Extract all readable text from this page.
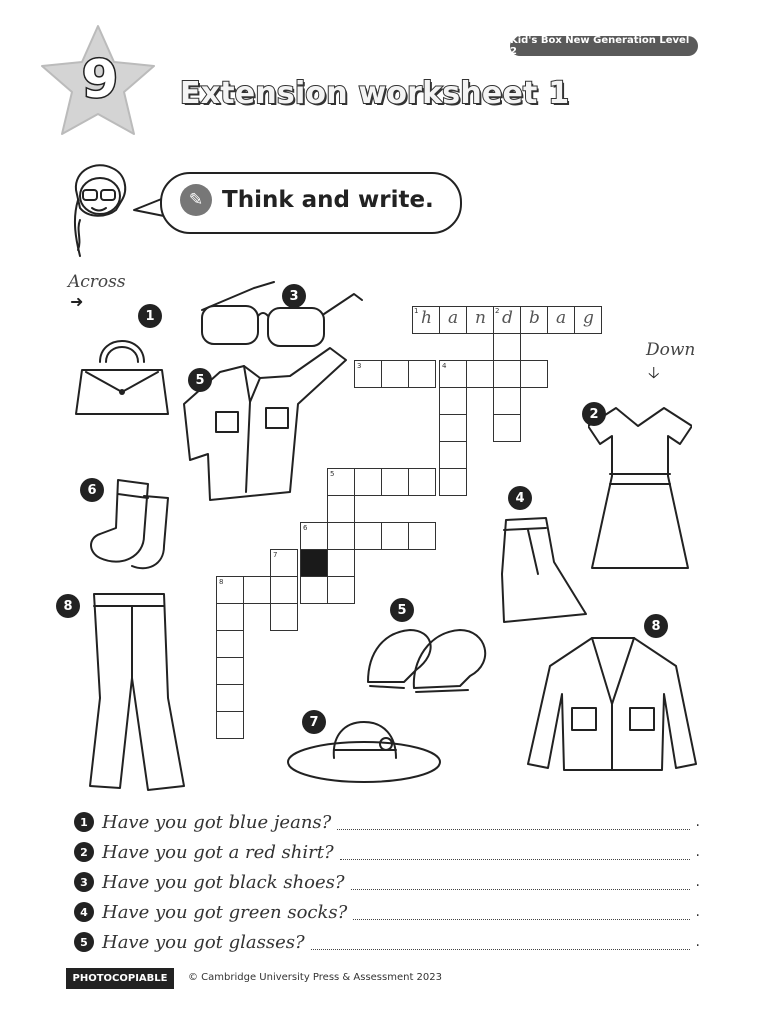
Kid's Box New Generation Level 2
9	Extension worksheet 1
✎ Think and write.
Across
➜
Down
🡣
1	2
3	4
5
6
7
8
h a n d b a g
1
3
5
6
8
2
4
5
7
8
1 Have you got blue jeans?	.
2 Have you got a red shirt?	.
3 Have you got black shoes?	.
4 Have you got green socks?	.
5 Have you got glasses?	.
PHOTOCOPIABLE	© Cambridge University Press & Assessment 2023
